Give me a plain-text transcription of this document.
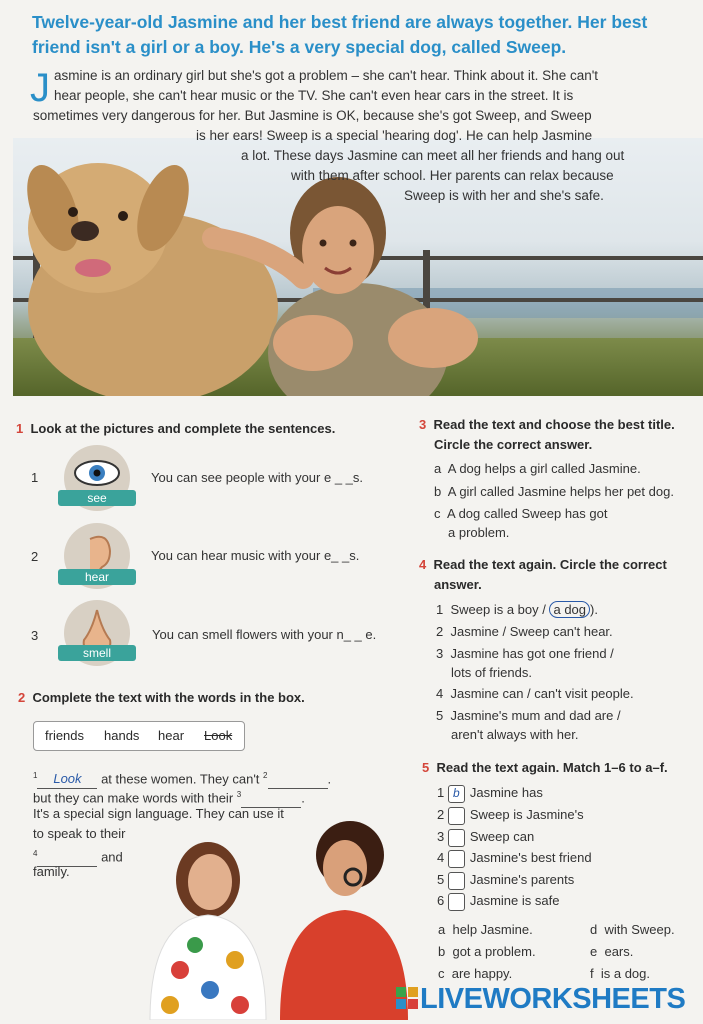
Twelve-year-old Jasmine and her best friend are always together. Her best
friend isn't a girl or a boy. He's a very special dog, called Sweep.
J asmine is an ordinary girl but she's got a problem – she can't hear. Think about it. She can't
hear people, she can't hear music or the TV. She can't even hear cars in the street. It is
sometimes very dangerous for her. But Jasmine is OK, because she's got Sweep, and Sweep
is her ears! Sweep is a special 'hearing dog'. He can help Jasmine
a lot. These days Jasmine can meet all her friends and hang out
with them after school. Her parents can relax because
Sweep is with her and she's safe.
1 Look at the pictures and complete the sentences.
1
see
You can see people with your e _ _s.
2
hear
You can hear music with your e_ _s.
3
smell
You can smell flowers with your n_ _ e.
2 Complete the text with the words in the box.
friends hands hear Look
$^1$ Look at these women. They can't $^2$	.
but they can make words with their $^3$	.
It's a special sign language. They can use it
to speak to their
$^4$	and
family.
3 Read the text and choose the best title.
Circle the correct answer.
a A dog helps a girl called Jasmine.
b A girl called Jasmine helps her pet dog.
c A dog called Sweep has got
a problem.
4 Read the text again. Circle the correct
answer.
1  Sweep is a boy / a dog ).
2 Jasmine / Sweep can't hear.
3 Jasmine has got one friend /
lots of friends.
4 Jasmine can / can't visit people.
5 Jasmine's mum and dad are /
aren't always with her.
5 Read the text again. Match 1–6 to a–f.
1 b Jasmine has
2 Sweep is Jasmine's
3 Sweep can
4 Jasmine's best friend
5 Jasmine's parents
6 Jasmine is safe
a help Jasmine.
b got a problem.
c are happy.
d with Sweep.
e ears.
f is a dog.
LIVEWORKSHEETS
